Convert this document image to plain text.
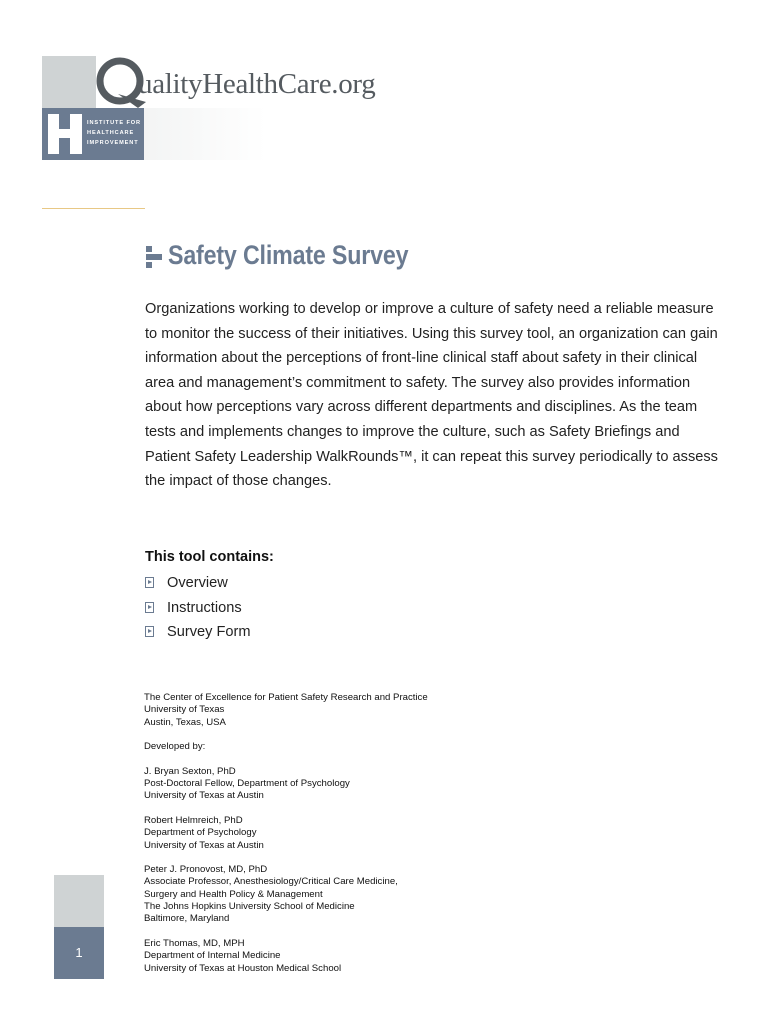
INSTITUTE FOR
HEALTHCARE
IMPROVEMENT
ualityHealthCare.org
Safety Climate Survey

Organizations working to develop or improve a culture of safety need a reliable measure to monitor the success of their initiatives. Using this survey tool, an organization can gain information about the perceptions of front-line clinical staff about safety in their clinical area and management’s commitment to safety. The survey also provides information about how perceptions vary across different departments and disciplines. As the team tests and implements changes to improve the culture, such as Safety Briefings and Patient Safety Leadership WalkRounds™, it can repeat this survey periodically to assess the impact of those changes.

This tool contains:
Overview
Instructions
Survey Form

The Center of Excellence for Patient Safety Research and Practice

University of Texas

Austin, Texas, USA

Developed by:

J. Bryan Sexton, PhD

Post-Doctoral Fellow, Department of Psychology

University of Texas at Austin

Robert Helmreich, PhD

Department of Psychology

University of Texas at Austin

Peter J. Pronovost, MD, PhD

Associate Professor, Anesthesiology/Critical Care Medicine,

Surgery and Health Policy & Management

The Johns Hopkins University School of Medicine

Baltimore, Maryland

Eric Thomas, MD, MPH

Department of Internal Medicine

University of Texas at Houston Medical School

1
